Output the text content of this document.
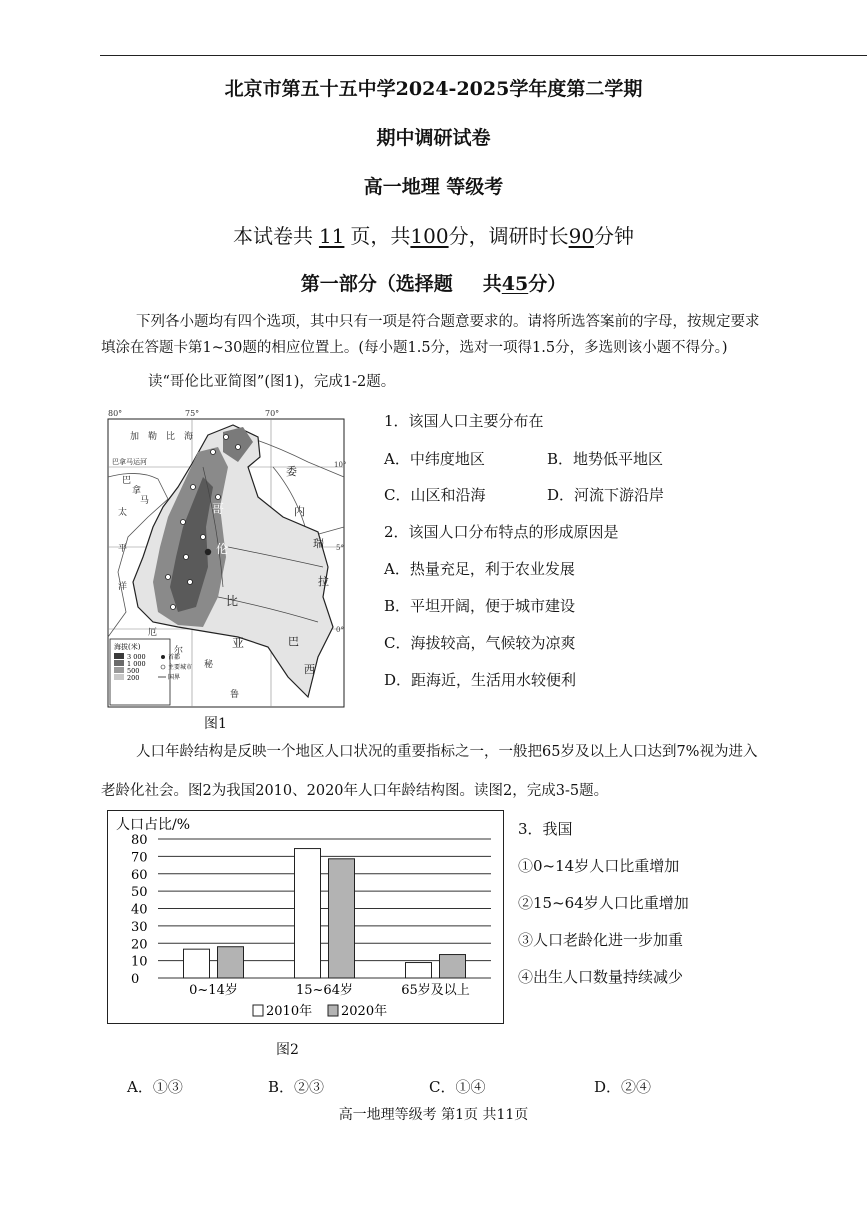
北京市第五十五中学2024-2025学年度第二学期
期中调研试卷
高一地理 等级考
本试卷共 11 页，共100分，调研时长90分钟
第一部分（选择题 共45分）
下列各小题均有四个选项，其中只有一项是符合题意要求的。请将所选答案前的字母，按规定要求
填涂在答题卡第1~30题的相应位置上。(每小题1.5分，选对一项得1.5分，多选则该小题不得分。)
读“哥伦比亚简图”(图1)，完成1-2题。
80°	75°	70°
10°
5°
0°
加 勒 比 海
巴拿马运河
巴
拿
马
太
平
洋
委
内
瑞
拉
哥
伦
比
亚	巴
西
厄
尔
秘
鲁
海拔(米)
3 000
1 000
500
200
首都
主要城市
国界
图1
1．该国人口主要分布在
A．中纬度地区	B．地势低平地区
C．山区和沿海	D．河流下游沿岸
2．该国人口分布特点的形成原因是
A．热量充足，利于农业发展
B．平坦开阔，便于城市建设
C．海拔较高，气候较为凉爽
D．距海近，生活用水较便利
人口年龄结构是反映一个地区人口状况的重要指标之一，一般把65岁及以上人口达到7%视为进入
老龄化社会。图2为我国2010、2020年人口年龄结构图。读图2，完成3-5题。
人口占比/%
80
70
60
50
40
30
20
10
0
0~14岁	15~64岁	65岁及以上
2010年 2020年
图2
3．我国
①0~14岁人口比重增加
②15~64岁人口比重增加
③人口老龄化进一步加重
④出生人口数量持续减少
A．①③	B．②③	C．①④	D．②④
高一地理等级考 第1页 共11页
